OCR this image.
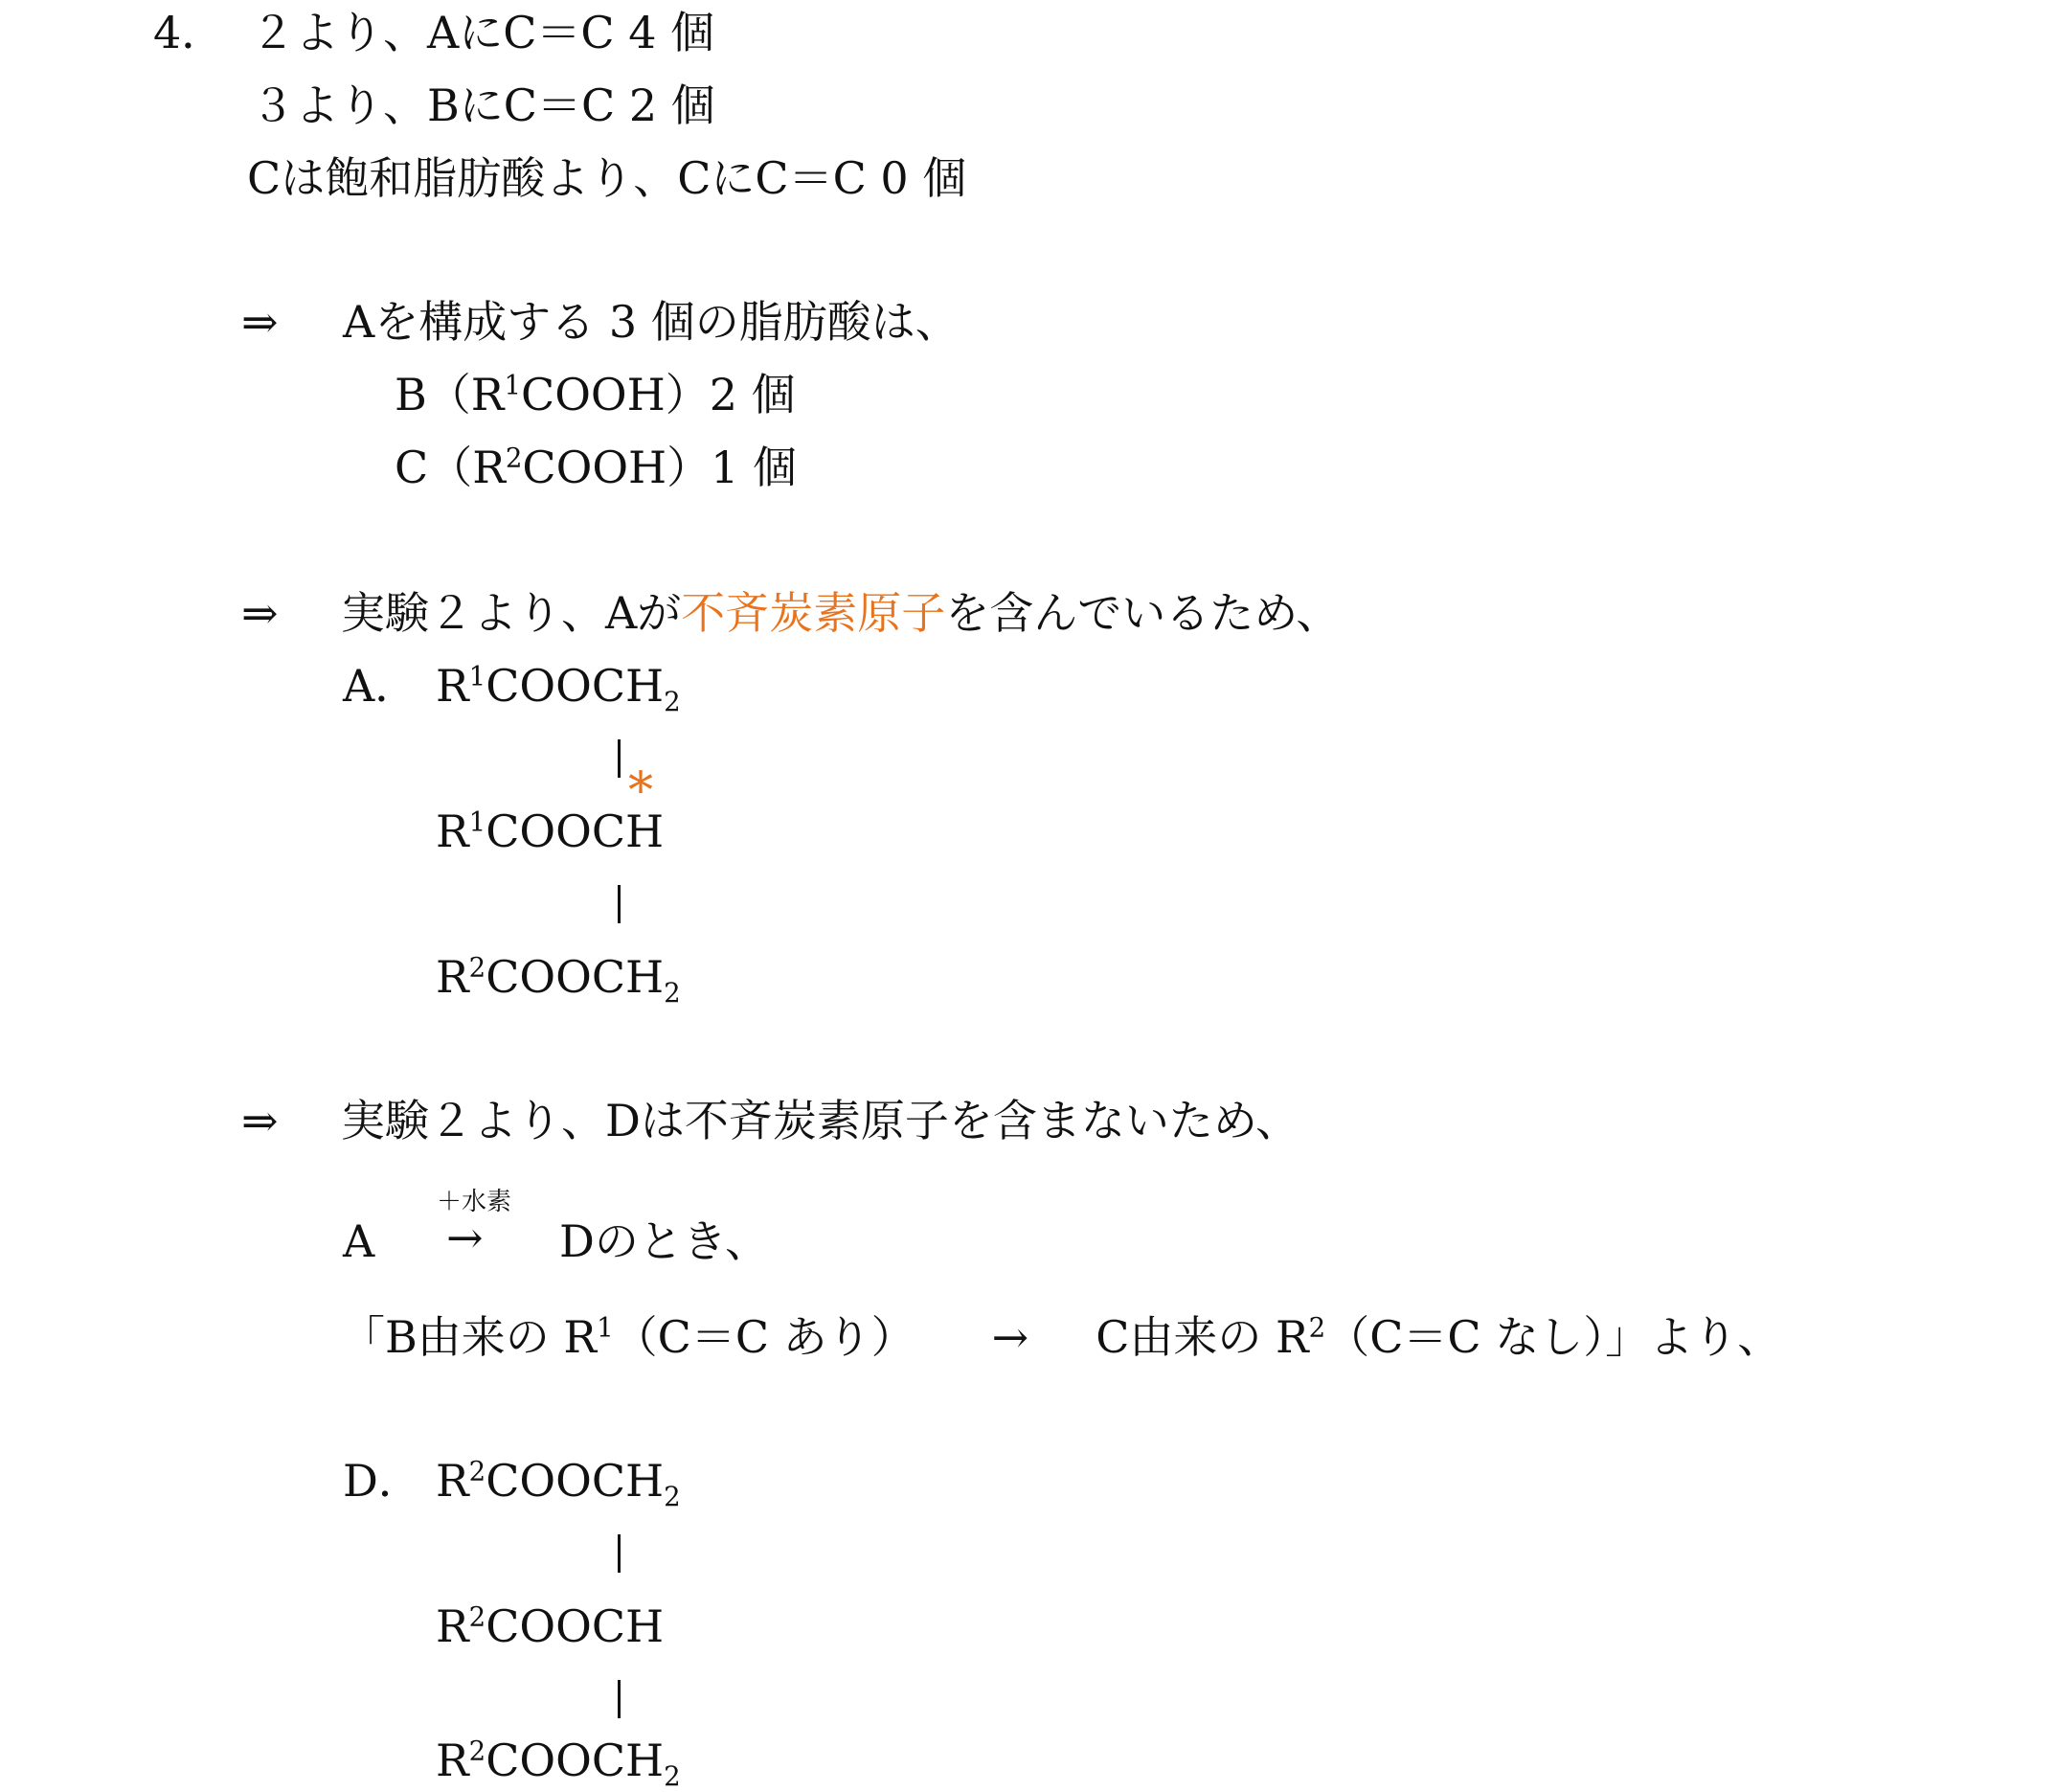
4． ２より、AにC＝C 4 個
３より、BにC＝C 2 個
Cは飽和脂肪酸より、CにC＝C 0 個
⇒ Aを構成する 3 個の脂肪酸は、
$B(R^1COOH)2$ 個
$C(R^2COOH)1$ 個
⇒ 実験２より、Aが不斉炭素原子を含んでいるため、
A． $R^1COOCH_2$
*
$R^1COOCH$
$R^2COOCH_2$
⇒ 実験２より、Dは不斉炭素原子を含まないため、
A
＋水素
→ Dのとき、
「B由来の $R^1(C=C$ あり） → C由来の $R^2(C=C$ なし）」より、
D． $R^2COOCH_2$
$R^2COOCH$
$R^2COOCH_2$
